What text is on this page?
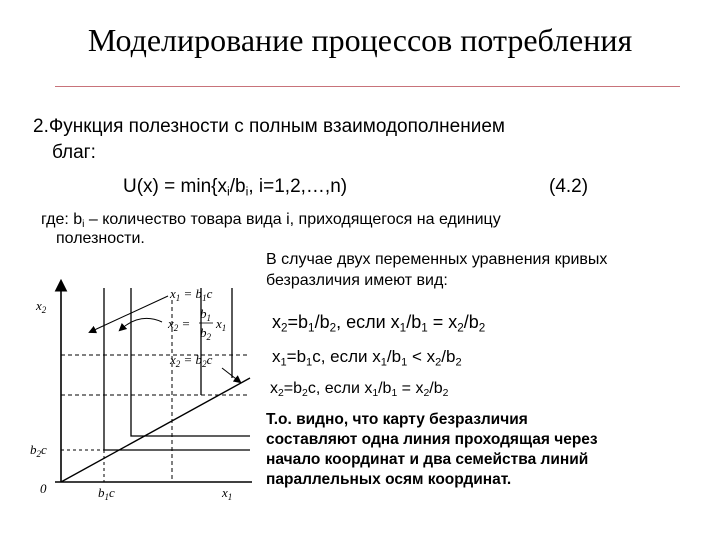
Моделирование процессов потребления
2.Функция полезности с полным взаимодополнением
благ:
$U(x) = \min\{x_i/b_i$, i=1,2,…,n)	(4.2)
где: $b_i$ – количество товара вида i, приходящегося на единицу
полезности.
В случае двух переменных уравнения кривых
безразличия имеют вид:
$x_2=b_1/b_2$, если $x_1/b_1 = x_2/b_2$
$x_1=b_1c$, если $x_1/b_1 < x_2/b_2$
$x_2=b_2c$, если $x_1/b_1 = x_2/b_2$
Т.о. видно, что карту безразличия
составляют одна линия проходящая через
начало координат и два семейства линий
параллельных осям координат.
$x_2$
$x_1$
0	$b_1c$
$b_2c$
$x_1 = b_1c$
$x_2$ =
$b_1$
$b_2$
$x_1$
$x_2 = b_2c$
